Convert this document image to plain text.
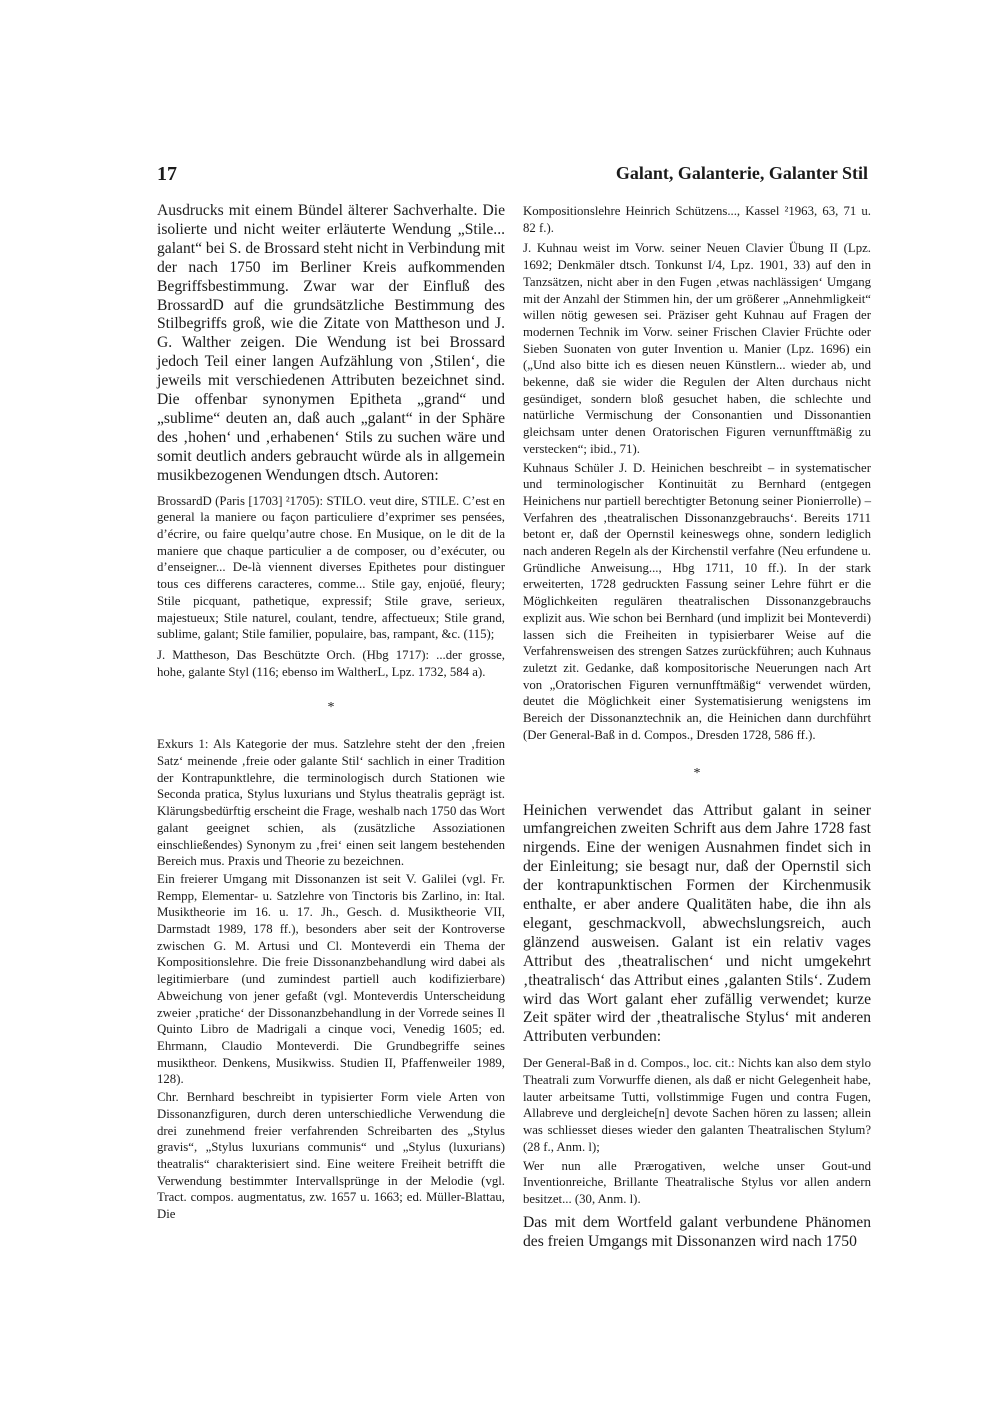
17	Galant, Galanterie, Galanter Stil

Ausdrucks mit einem Bündel älterer Sachverhalte. Die isolierte und nicht weiter erläuterte Wendung „Stile... galant“ bei S. de Brossard steht nicht in Verbindung mit der nach 1750 im Berliner Kreis aufkommenden Begriffsbestimmung. Zwar war der Einfluß des BrossardD auf die grundsätzliche Bestimmung des Stilbegriffs groß, wie die Zitate von Mattheson und J. G. Walther zeigen. Die Wendung ist bei Brossard jedoch Teil einer langen Aufzählung von ‚Stilen‘, die jeweils mit verschiedenen Attributen bezeichnet sind. Die offenbar synonymen Epitheta „grand“ und „sublime“ deuten an, daß auch „galant“ in der Sphäre des ‚hohen‘ und ‚erhabenen‘ Stils zu suchen wäre und somit deutlich anders gebraucht würde als in allgemein musikbezogenen Wendungen dtsch. Autoren:

BrossardD (Paris [1703] ²1705): STILO. veut dire, STILE. C’est en general la maniere ou façon particuliere d’exprimer ses pensées, d’écrire, ou faire quelqu’autre chose. En Musique, on le dit de la maniere que chaque particulier a de composer, ou d’exécuter, ou d’enseigner... De-là viennent diverses Epithetes pour distinguer tous ces differens caracteres, comme... Stile gay, enjoüé, fleury; Stile picquant, pathetique, expressif; Stile grave, serieux, majestueux; Stile naturel, coulant, tendre, affectueux; Stile grand, sublime, galant; Stile familier, populaire, bas, rampant, &c. (115);

J. Mattheson, Das Beschützte Orch. (Hbg 1717): ...der grosse, hohe, galante Styl (116; ebenso im WaltherL, Lpz. 1732, 584 a).

*

Exkurs 1: Als Kategorie der mus. Satzlehre steht der den ‚freien Satz‘ meinende ‚freie oder galante Stil‘ sachlich in einer Tradition der Kontrapunktlehre, die terminologisch durch Stationen wie Seconda pratica, Stylus luxurians und Stylus theatralis geprägt ist. Klärungsbedürftig erscheint die Frage, weshalb nach 1750 das Wort galant geeignet schien, als (zusätzliche Assoziationen einschließendes) Synonym zu ‚frei‘ einen seit langem bestehenden Bereich mus. Praxis und Theorie zu bezeichnen.

Ein freierer Umgang mit Dissonanzen ist seit V. Galilei (vgl. Fr. Rempp, Elementar- u. Satzlehre von Tinctoris bis Zarlino, in: Ital. Musiktheorie im 16. u. 17. Jh., Gesch. d. Musiktheorie VII, Darmstadt 1989, 178 ff.), besonders aber seit der Kontroverse zwischen G. M. Artusi und Cl. Monteverdi ein Thema der Kompositionslehre. Die freie Dissonanzbehandlung wird dabei als legitimierbare (und zumindest partiell auch kodifizierbare) Abweichung von jener gefaßt (vgl. Monteverdis Unterscheidung zweier ‚pratiche‘ der Dissonanzbehandlung in der Vorrede seines Il Quinto Libro de Madrigali a cinque voci, Venedig 1605; ed. Ehrmann, Claudio Monteverdi. Die Grundbegriffe seines musiktheor. Denkens, Musikwiss. Studien II, Pfaffenweiler 1989, 128).

Chr. Bernhard beschreibt in typisierter Form viele Arten von Dissonanzfiguren, durch deren unterschiedliche Verwendung die drei zunehmend freier verfahrenden Schreibarten des „Stylus gravis“, „Stylus luxurians communis“ und „Stylus (luxurians) theatralis“ charakterisiert sind. Eine weitere Freiheit betrifft die Verwendung bestimmter Intervallsprünge in der Melodie (vgl. Tract. compos. augmentatus, zw. 1657 u. 1663; ed. Müller-Blattau, Die

Kompositionslehre Heinrich Schützens..., Kassel ²1963, 63, 71 u. 82 f.).

J. Kuhnau weist im Vorw. seiner Neuen Clavier Übung II (Lpz. 1692; Denkmäler dtsch. Tonkunst I/4, Lpz. 1901, 33) auf den in Tanzsätzen, nicht aber in den Fugen ‚etwas nachlässigen‘ Umgang mit der Anzahl der Stimmen hin, der um größerer „Annehmligkeit“ willen nötig gewesen sei. Präziser geht Kuhnau auf Fragen der modernen Technik im Vorw. seiner Frischen Clavier Früchte oder Sieben Suonaten von guter Invention u. Manier (Lpz. 1696) ein („Und also bitte ich es diesen neuen Künstlern... wieder ab, und bekenne, daß sie wider die Regulen der Alten durchaus nicht gesündiget, sondern bloß gesuchet haben, die schlechte und natürliche Vermischung der Consonantien und Dissonantien gleichsam unter denen Oratorischen Figuren vernunfftmäßig zu verstecken“; ibid., 71).

Kuhnaus Schüler J. D. Heinichen beschreibt – in systematischer und terminologischer Kontinuität zu Bernhard (entgegen Heinichens nur partiell berechtigter Betonung seiner Pionierrolle) – Verfahren des ‚theatralischen Dissonanzgebrauchs‘. Bereits 1711 betont er, daß der Opernstil keineswegs ohne, sondern lediglich nach anderen Regeln als der Kirchenstil verfahre (Neu erfundene u. Gründliche Anweisung..., Hbg 1711, 10 ff.). In der stark erweiterten, 1728 gedruckten Fassung seiner Lehre führt er die Möglichkeiten regulären theatralischen Dissonanzgebrauchs explizit aus. Wie schon bei Bernhard (und implizit bei Monteverdi) lassen sich die Freiheiten in typisierbarer Weise auf die Verfahrensweisen des strengen Satzes zurückführen; auch Kuhnaus zuletzt zit. Gedanke, daß kompositorische Neuerungen nach Art von „Oratorischen Figuren vernunfftmäßig“ verwendet würden, deutet die Möglichkeit einer Systematisierung wenigstens im Bereich der Dissonanztechnik an, die Heinichen dann durchführt (Der General-Baß in d. Compos., Dresden 1728, 586 ff.).

*

Heinichen verwendet das Attribut galant in seiner umfangreichen zweiten Schrift aus dem Jahre 1728 fast nirgends. Eine der wenigen Ausnahmen findet sich in der Einleitung; sie besagt nur, daß der Opernstil sich der kontrapunktischen Formen der Kirchenmusik enthalte, er aber andere Qualitäten habe, die ihn als elegant, geschmackvoll, abwechslungsreich, auch glänzend ausweisen. Galant ist ein relativ vages Attribut des ‚theatralischen‘ und nicht umgekehrt ‚theatralisch‘ das Attribut eines ‚galanten Stils‘. Zudem wird das Wort galant eher zufällig verwendet; kurze Zeit später wird der ‚theatralische Stylus‘ mit anderen Attributen verbunden:

Der General-Baß in d. Compos., loc. cit.: Nichts kan also dem stylo Theatrali zum Vorwurffe dienen, als daß er nicht Gelegenheit habe, lauter arbeitsame Tutti, vollstimmige Fugen und contra Fugen, Allabreve und dergleiche[n] devote Sachen hören zu lassen; allein was schliesset dieses wieder den galanten Theatralischen Stylum? (28 f., Anm. l);

Wer nun alle Prærogativen, welche unser Gout-und Inventionreiche, Brillante Theatralische Stylus vor allen andern besitzet... (30, Anm. l).

Das mit dem Wortfeld galant verbundene Phänomen des freien Umgangs mit Dissonanzen wird nach 1750
